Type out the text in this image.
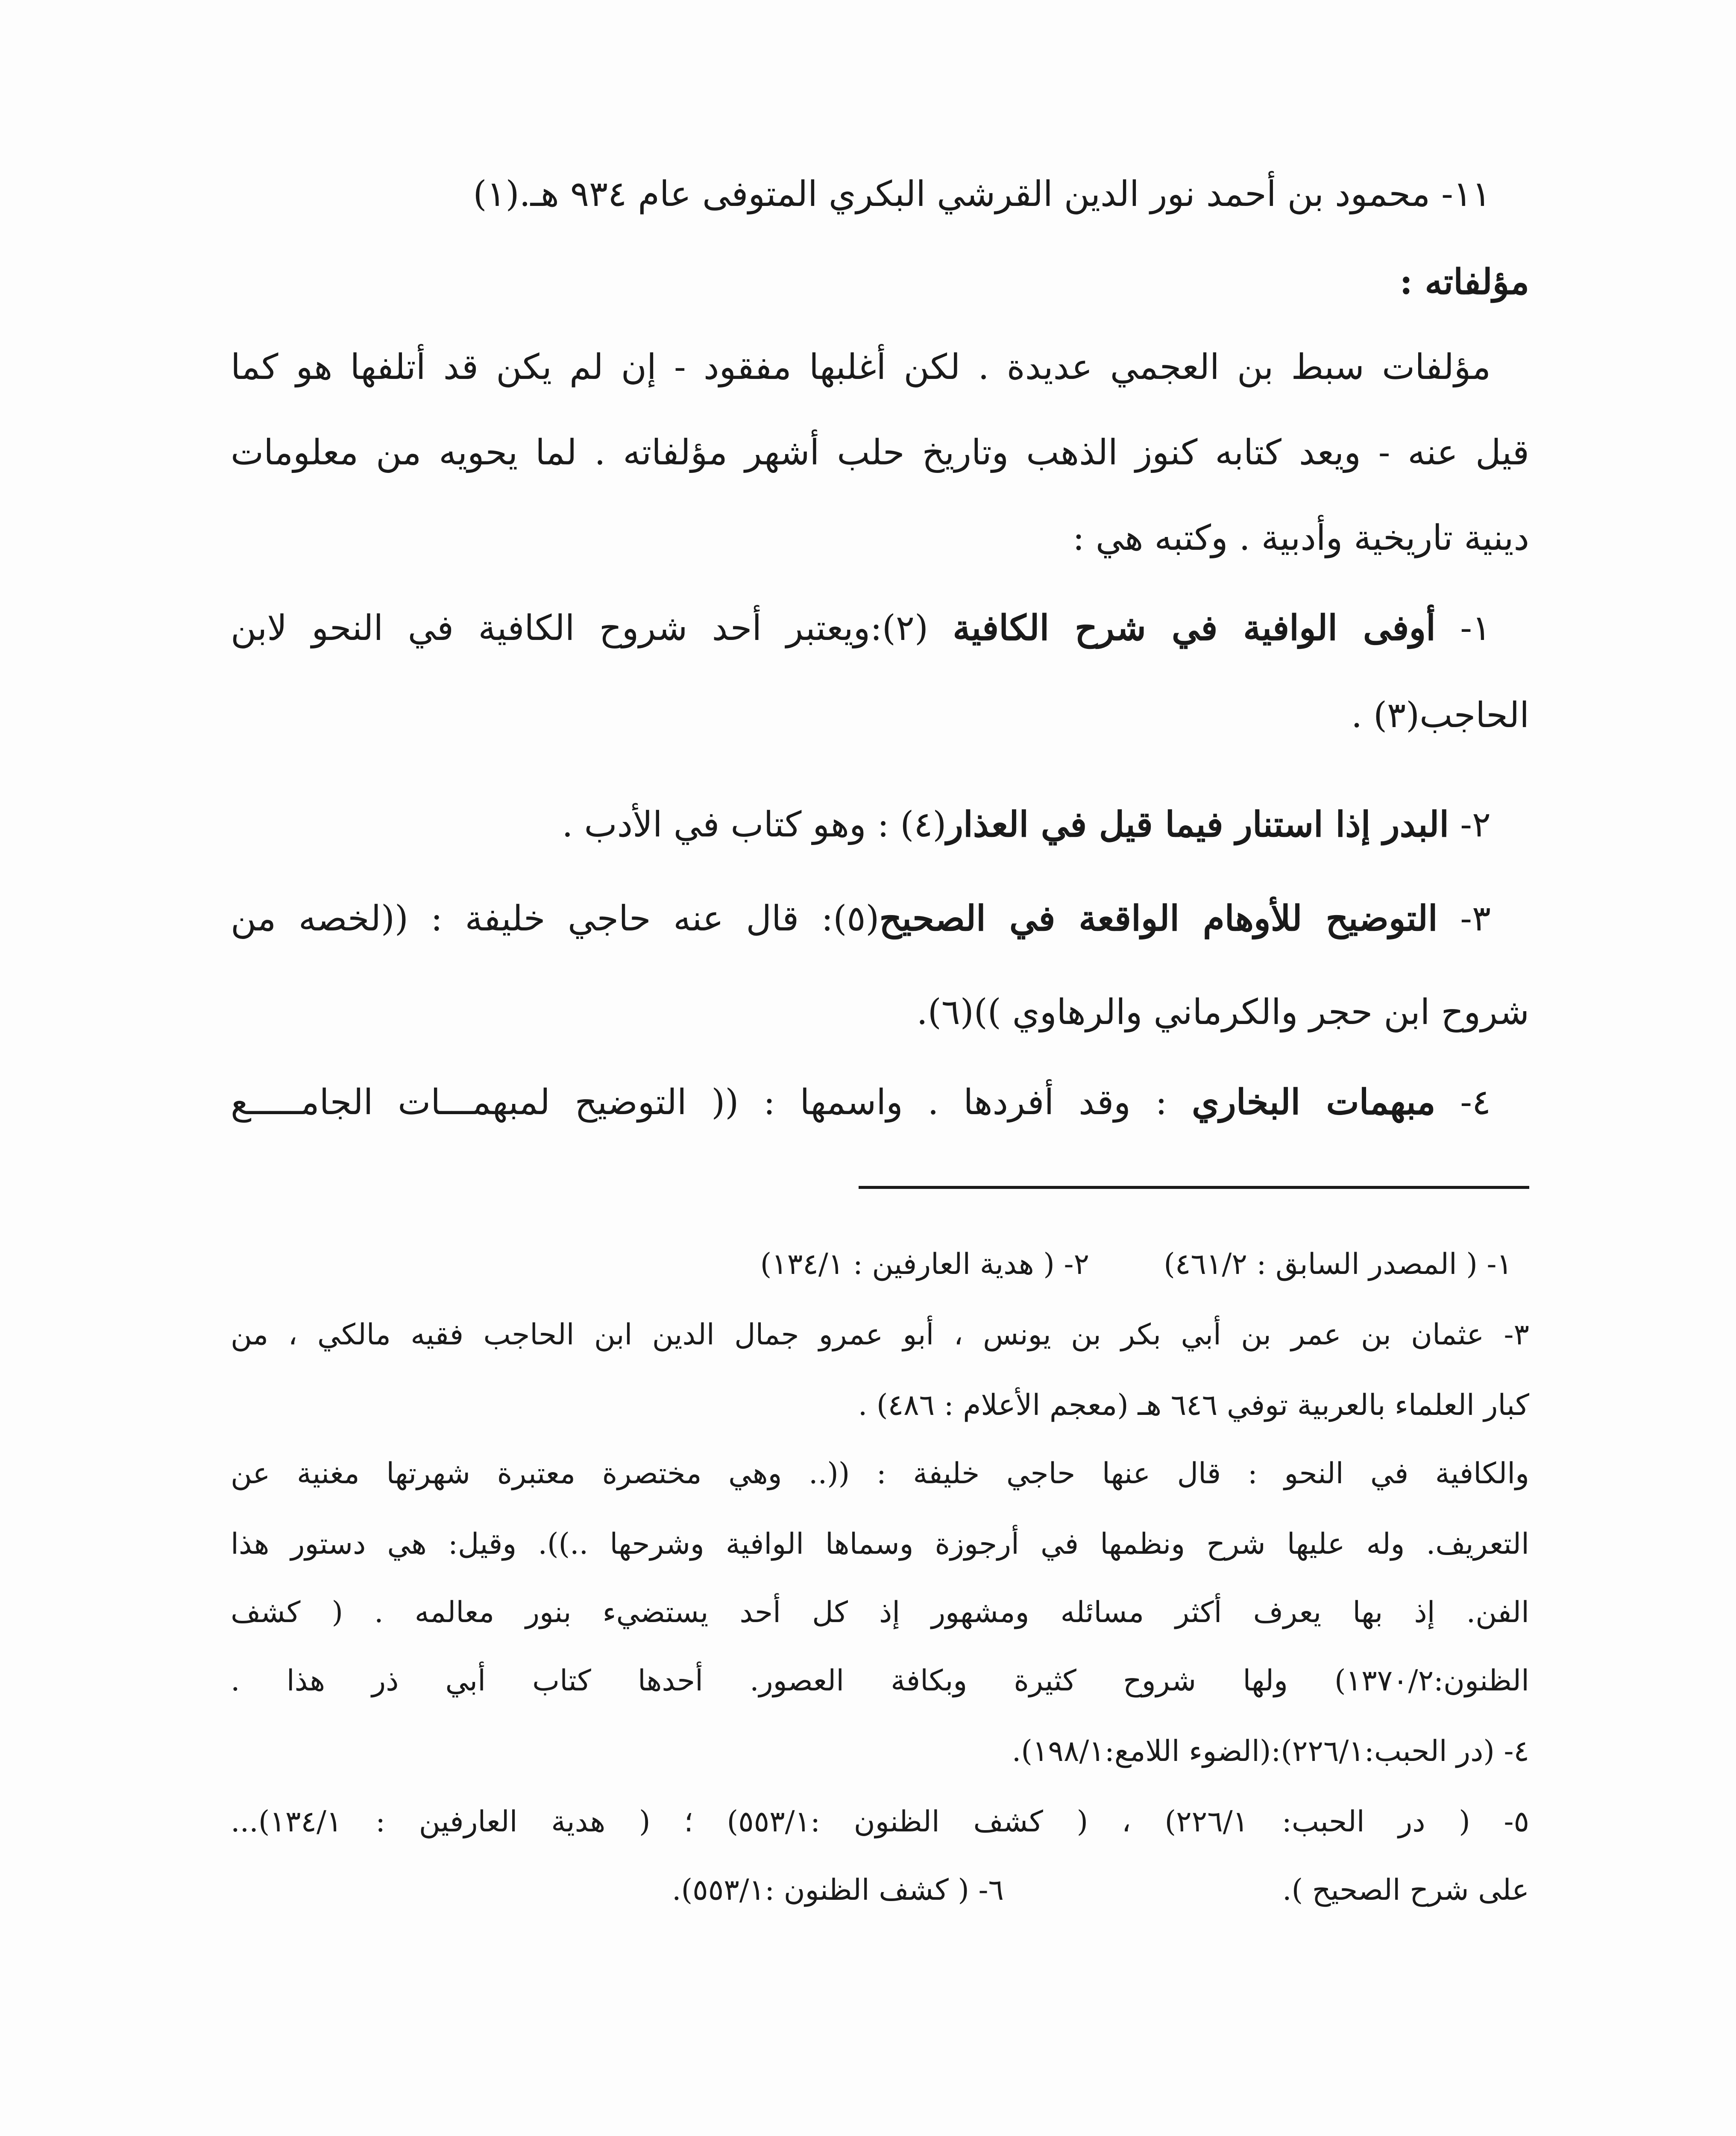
١١- محمود بن أحمد نور الدين القرشي البكري المتوفى عام ٩٣٤ هـ.(١)
مؤلفاته :
مؤلفات سبط بن العجمي عديدة . لكن أغلبها مفقود - إن لم يكن قد أتلفها هو كما
قيل عنه - ويعد كتابه كنوز الذهب وتاريخ حلب أشهر مؤلفاته . لما يحويه من معلومات
دينية تاريخية وأدبية . وكتبه هي :
١- أوفى الوافية في شرح الكافية (٢):ويعتبر أحد شروح الكافية في النحو لابن
الحاجب(٣) .
٢- البدر إذا استنار فيما قيل في العذار(٤) : وهو كتاب في الأدب .
٣- التوضيح للأوهام الواقعة في الصحيح(٥): قال عنه حاجي خليفة : ((لخصه من
شروح ابن حجر والكرماني والرهاوي ))(٦).
٤- مبهمات البخاري : وقد أفردها . واسمها : (( التوضيح لمبهمـــات الجامـــــع
١- ( المصدر السابق : ٤٦١/٢)
٢- ( هدية العارفين : ١٣٤/١)
٣- عثمان بن عمر بن أبي بكر بن يونس ، أبو عمرو جمال الدين ابن الحاجب فقيه مالكي ، من
كبار العلماء بالعربية توفي ٦٤٦ هـ (معجم الأعلام : ٤٨٦) .
والكافية في النحو : قال عنها حاجي خليفة : ((.. وهي مختصرة معتبرة شهرتها مغنية عن
التعريف. وله عليها شرح ونظمها في أرجوزة وسماها الوافية وشرحها ..)). وقيل: هي دستور هذا
الفن. إذ بها يعرف أكثر مسائله ومشهور إذ كل أحد يستضيء بنور معالمه . ( كشف
الظنون:١٣٧٠/٢) ولها شروح كثيرة وبكافة العصور. أحدها كتاب أبي ذر هذا .
٤- (در الحبب:٢٢٦/١):(الضوء اللامع:١٩٨/١).
٥- ( در الحبب: ٢٢٦/١) ، ( كشف الظنون :٥٥٣/١) ؛ ( هدية العارفين : ١٣٤/١)...
على شرح الصحيح ).
٦- ( كشف الظنون :٥٥٣/١).
